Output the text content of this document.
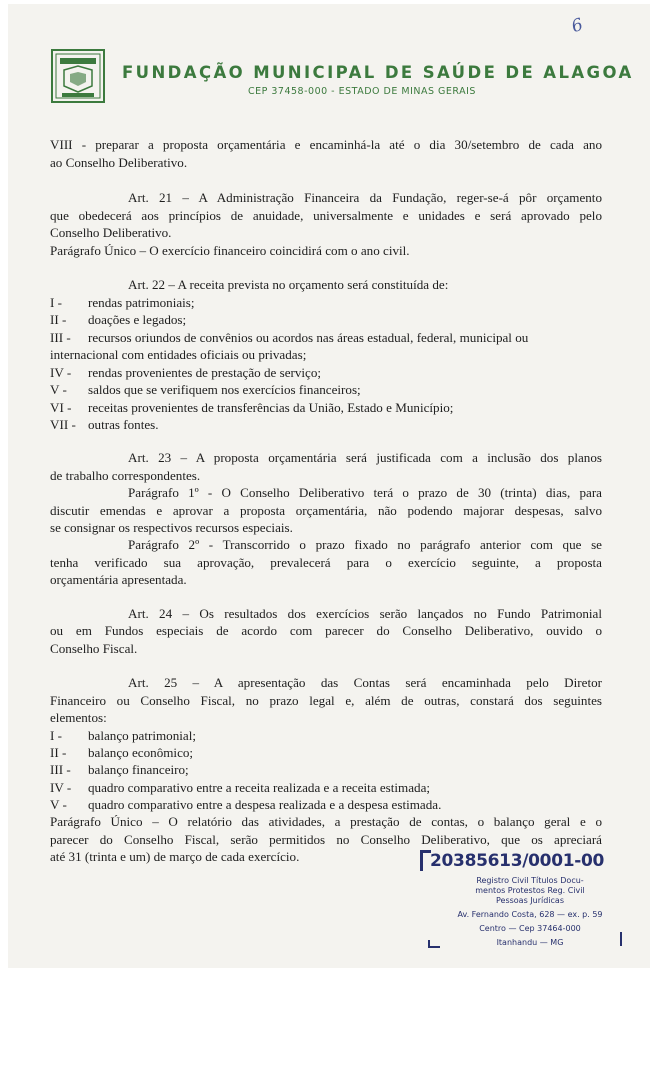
6
FUNDAÇÃO MUNICIPAL DE SAÚDE DE ALAGOA
CEP 37458-000 - ESTADO DE MINAS GERAIS
VIII - preparar a proposta orçamentária e encaminhá-la até o dia 30/setembro de cada ano
ao Conselho Deliberativo.
Art. 21 – A Administração Financeira da Fundação, reger-se-á pôr orçamento
que obedecerá aos princípios de anuidade, universalmente e unidades e será aprovado pelo
Conselho Deliberativo.
Parágrafo Único – O exercício financeiro coincidirá com o ano civil.
Art. 22 – A receita prevista no orçamento será constituída de:
I - rendas patrimoniais;
II - doações e legados;
III - recursos oriundos de convênios ou acordos nas áreas estadual, federal, municipal ou
internacional com entidades oficiais ou privadas;
IV - rendas provenientes de prestação de serviço;
V - saldos que se verifiquem nos exercícios financeiros;
VI - receitas provenientes de transferências da União, Estado e Município;
VII - outras fontes.
Art. 23 – A proposta orçamentária será justificada com a inclusão dos planos
de trabalho correspondentes.
Parágrafo 1º - O Conselho Deliberativo terá o prazo de 30 (trinta) dias, para
discutir emendas e aprovar a proposta orçamentária, não podendo majorar despesas, salvo
se consignar os respectivos recursos especiais.
Parágrafo 2º - Transcorrido o prazo fixado no parágrafo anterior com que se
tenha verificado sua aprovação, prevalecerá para o exercício seguinte, a proposta
orçamentária apresentada.
Art. 24 – Os resultados dos exercícios serão lançados no Fundo Patrimonial
ou em Fundos especiais de acordo com parecer do Conselho Deliberativo, ouvido o
Conselho Fiscal.
Art. 25 – A apresentação das Contas será encaminhada pelo Diretor
Financeiro ou Conselho Fiscal, no prazo legal e, além de outras, constará dos seguintes
elementos:
I - balanço patrimonial;
II - balanço econômico;
III - balanço financeiro;
IV - quadro comparativo entre a receita realizada e a receita estimada;
V - quadro comparativo entre a despesa realizada e a despesa estimada.
Parágrafo Único – O relatório das atividades, a prestação de contas, o balanço geral e o
parecer do Conselho Fiscal, serão permitidos no Conselho Deliberativo, que os apreciará
até 31 (trinta e um) de março de cada exercício.	20385613/0001-00
Registro Civil Títulos Docu-
mentos Protestos Reg. Civil
Pessoas Jurídicas
Av. Fernando Costa, 628 — ex. p. 59
Centro — Cep 37464-000
Itanhandu — MG
